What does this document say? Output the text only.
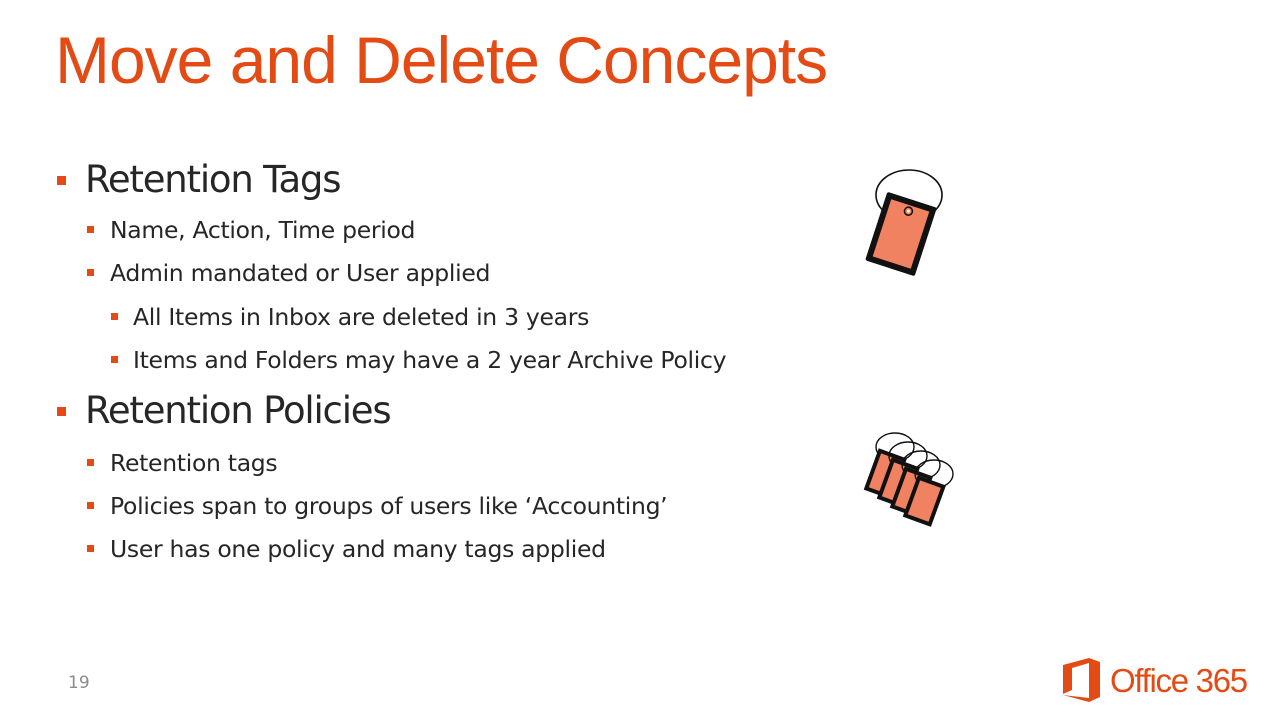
Move and Delete Concepts
Retention Tags
Name, Action, Time period
Admin mandated or User applied
All Items in Inbox are deleted in 3 years
Items and Folders may have a 2 year Archive Policy
Retention Policies
Retention tags
Policies span to groups of users like ‘Accounting’
User has one policy and many tags applied
19	Office 365
